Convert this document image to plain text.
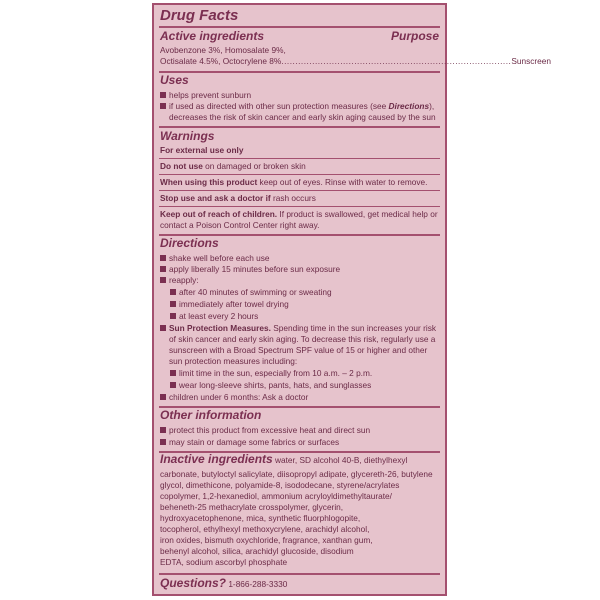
Drug Facts
Active ingredients	Purpose
Avobenzone 3%, Homosalate 9%,
Octisalate 4.5%, Octocrylene 8% .................................................................................. Sunscreen
Uses
helps prevent sunburn
if used as directed with other sun protection measures (see Directions),
decreases the risk of skin cancer and early skin aging caused by the sun
Warnings
For external use only
Do not use on damaged or broken skin
When using this product keep out of eyes. Rinse with water to remove.
Stop use and ask a doctor if rash occurs
Keep out of reach of children. If product is swallowed, get medical help or
contact a Poison Control Center right away.
Directions
shake well before each use
apply liberally 15 minutes before sun exposure
reapply:
after 40 minutes of swimming or sweating
immediately after towel drying
at least every 2 hours
Sun Protection Measures. Spending time in the sun increases your risk
of skin cancer and early skin aging. To decrease this risk, regularly use a
sunscreen with a Broad Spectrum SPF value of 15 or higher and other
sun protection measures including:
limit time in the sun, especially from 10 a.m. – 2 p.m.
wear long-sleeve shirts, pants, hats, and sunglasses
children under 6 months: Ask a doctor
Other information
protect this product from excessive heat and direct sun
may stain or damage some fabrics or surfaces
Inactive ingredients water, SD alcohol 40-B, diethylhexyl
carbonate, butyloctyl salicylate, diisopropyl adipate, glycereth-26, butylene
glycol, dimethicone, polyamide-8, isododecane, styrene/acrylates
copolymer, 1,2-hexanediol, ammonium acryloyldimethyltaurate/
beheneth-25 methacrylate crosspolymer, glycerin,
hydroxyacetophenone, mica, synthetic fluorphlogopite,
tocopherol, ethylhexyl methoxycrylene, arachidyl alcohol,
iron oxides, bismuth oxychloride, fragrance, xanthan gum,
behenyl alcohol, silica, arachidyl glucoside, disodium
EDTA, sodium ascorbyl phosphate
Questions? 1-866-288-3330
